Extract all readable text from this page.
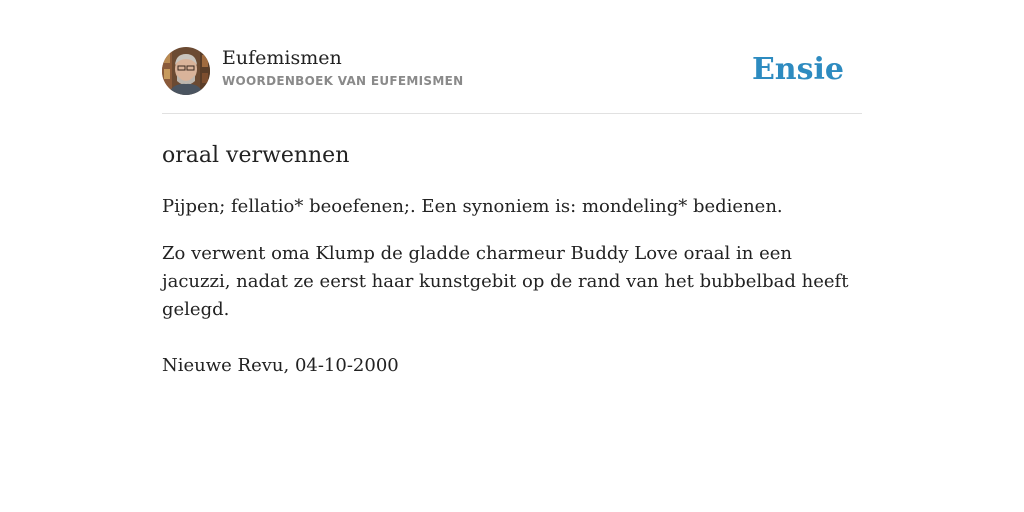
Eufemismen
WOORDENBOEK VAN EUFEMISMEN	Ensie
oraal verwennen
Pijpen; fellatio* beoefenen;. Een synoniem is: mondeling* bedienen.
Zo verwent oma Klump de gladde charmeur Buddy Love oraal in een jacuzzi, nadat ze eerst haar kunstgebit op de rand van het bubbelbad heeft gelegd.
Nieuwe Revu, 04-10-2000
